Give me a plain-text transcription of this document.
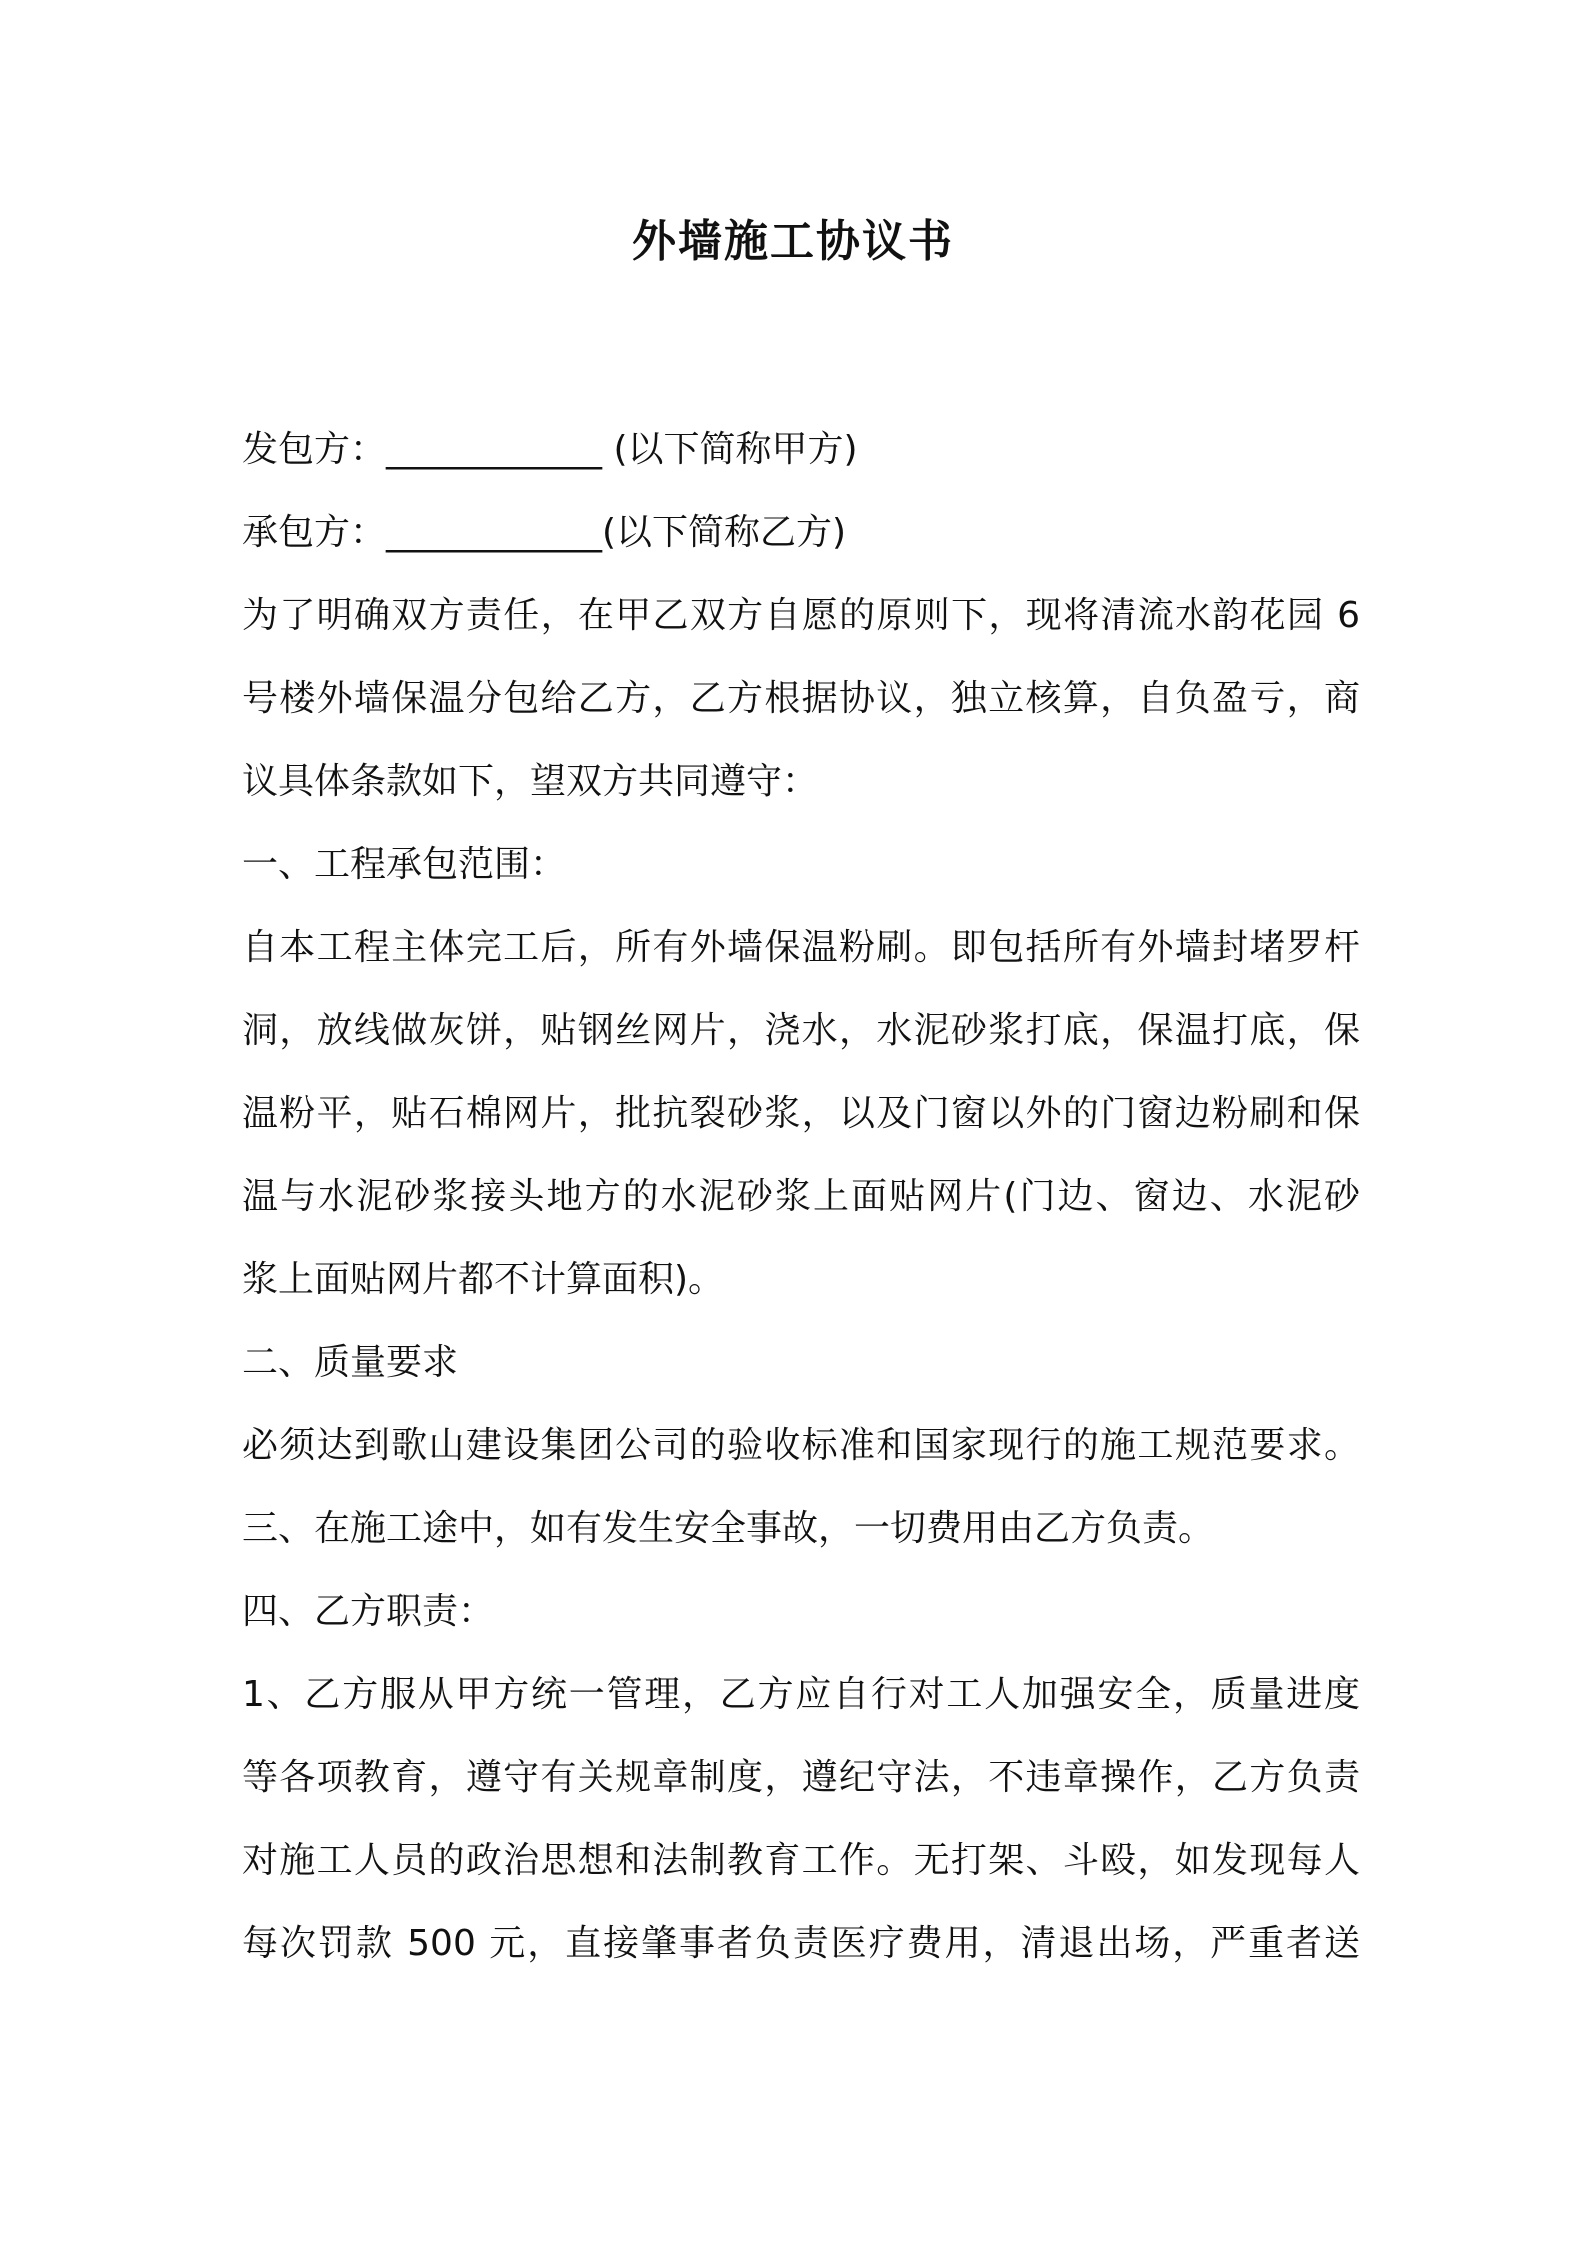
外墙施工协议书
发包方：____________ (以下简称甲方)
承包方：____________(以下简称乙方)
为了明确双方责任，在甲乙双方自愿的原则下，现将清流水韵花园 6
号楼外墙保温分包给乙方，乙方根据协议，独立核算，自负盈亏，商
议具体条款如下，望双方共同遵守：
一、工程承包范围：
自本工程主体完工后，所有外墙保温粉刷。即包括所有外墙封堵罗杆
洞，放线做灰饼，贴钢丝网片，浇水，水泥砂浆打底，保温打底，保
温粉平，贴石棉网片，批抗裂砂浆，以及门窗以外的门窗边粉刷和保
温与水泥砂浆接头地方的水泥砂浆上面贴网片(门边、窗边、水泥砂
浆上面贴网片都不计算面积)。
二、质量要求
必须达到歌山建设集团公司的验收标准和国家现行的施工规范要求。
三、在施工途中，如有发生安全事故，一切费用由乙方负责。
四、乙方职责：
1、乙方服从甲方统一管理，乙方应自行对工人加强安全，质量进度
等各项教育，遵守有关规章制度，遵纪守法，不违章操作，乙方负责
对施工人员的政治思想和法制教育工作。无打架、斗殴，如发现每人
每次罚款 500 元，直接肇事者负责医疗费用，清退出场，严重者送
